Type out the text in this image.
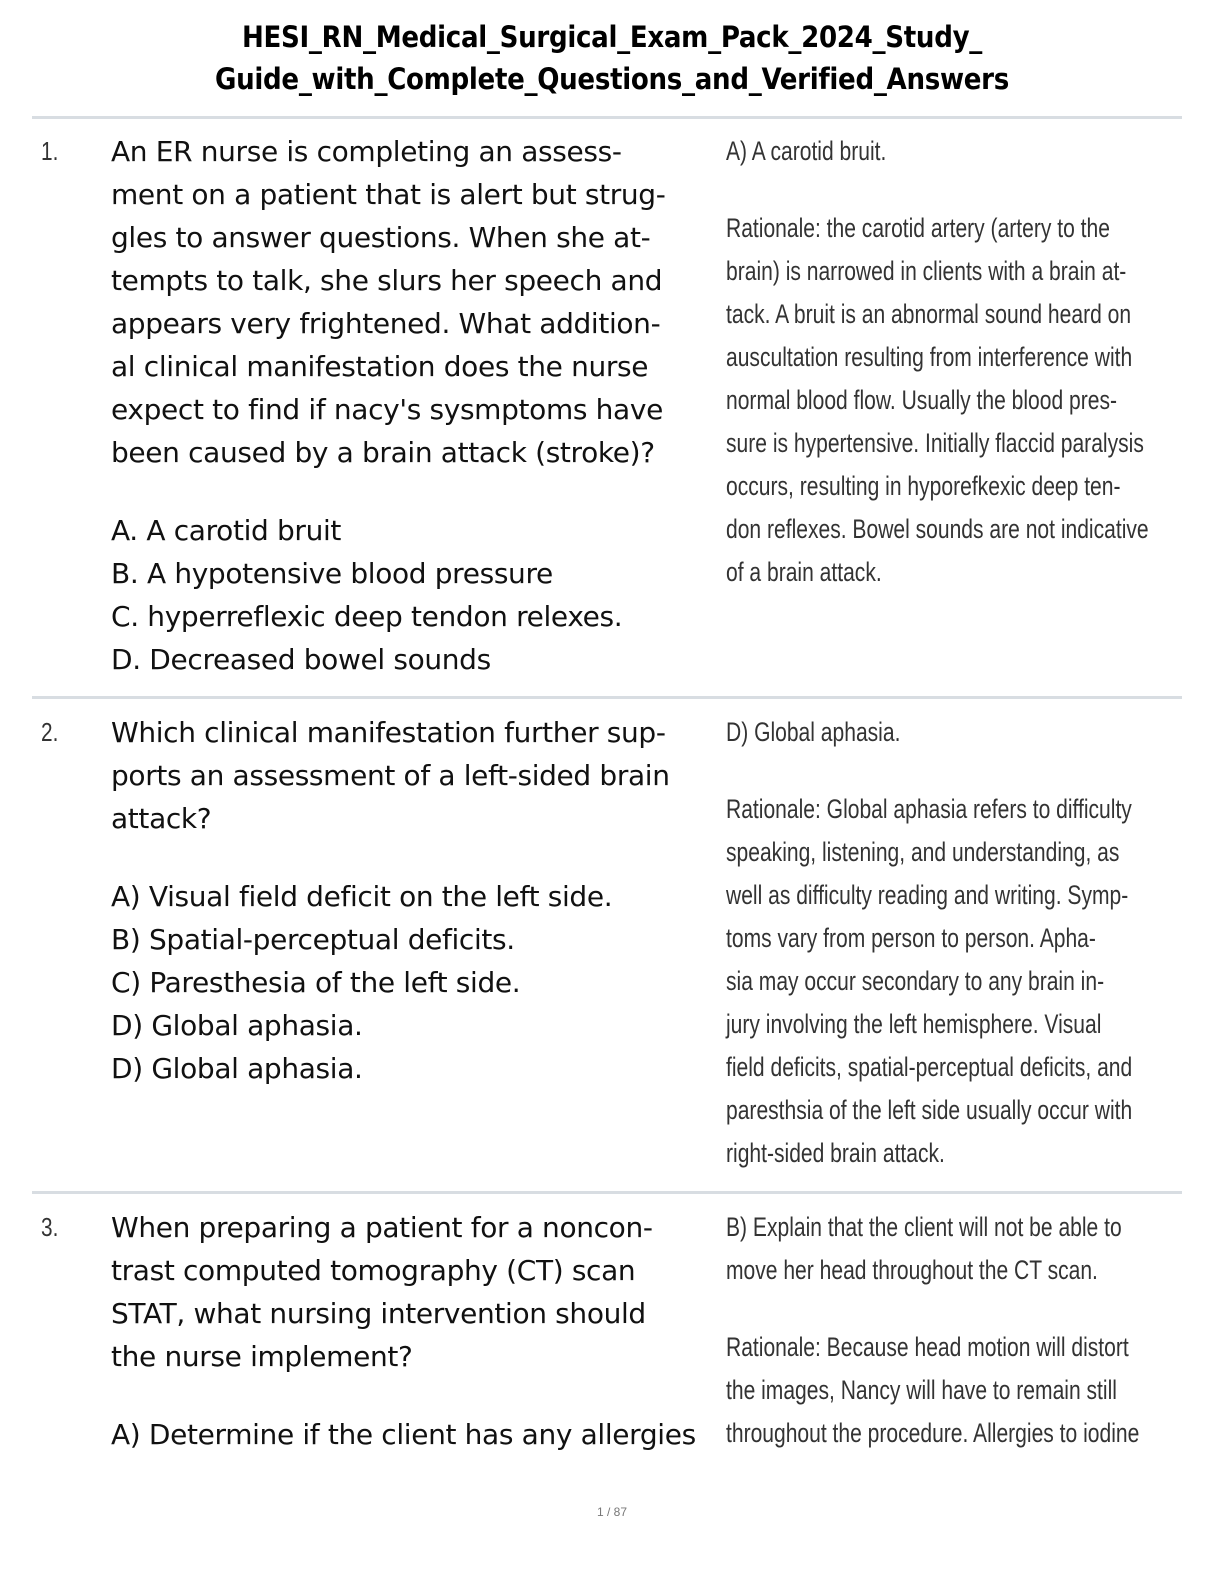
HESI_RN_Medical_Surgical_Exam_Pack_2024_Study_
Guide_with_Complete_Questions_and_Verified_Answers
1. An ER nurse is completing an assess-
ment on a patient that is alert but strug-
gles to answer questions. When she at-
tempts to talk, she slurs her speech and
appears very frightened. What addition-
al clinical manifestation does the nurse
expect to find if nacy's sysmptoms have
been caused by a brain attack (stroke)?
A. A carotid bruit
B. A hypotensive blood pressure
C. hyperreflexic deep tendon relexes.
D. Decreased bowel sounds
A) A carotid bruit.
Rationale: the carotid artery (artery to the
brain) is narrowed in clients with a brain at-
tack. A bruit is an abnormal sound heard on
auscultation resulting from interference with
normal blood flow. Usually the blood pres-
sure is hypertensive. Initially flaccid paralysis
occurs, resulting in hyporefkexic deep ten-
don reflexes. Bowel sounds are not indicative
of a brain attack.
2. Which clinical manifestation further sup-
ports an assessment of a left-sided brain
attack?
A) Visual field deficit on the left side.
B) Spatial-perceptual deficits.
C) Paresthesia of the left side.
D) Global aphasia.
D) Global aphasia.
D) Global aphasia.
Rationale: Global aphasia refers to difficulty
speaking, listening, and understanding, as
well as difficulty reading and writing. Symp-
toms vary from person to person. Apha-
sia may occur secondary to any brain in-
jury involving the left hemisphere. Visual
field deficits, spatial-perceptual deficits, and
paresthsia of the left side usually occur with
right-sided brain attack.
3. When preparing a patient for a noncon-
trast computed tomography (CT) scan
STAT, what nursing intervention should
the nurse implement?
A) Determine if the client has any allergies
B) Explain that the client will not be able to
move her head throughout the CT scan.
Rationale: Because head motion will distort
the images, Nancy will have to remain still
throughout the procedure. Allergies to iodine
1 / 87
